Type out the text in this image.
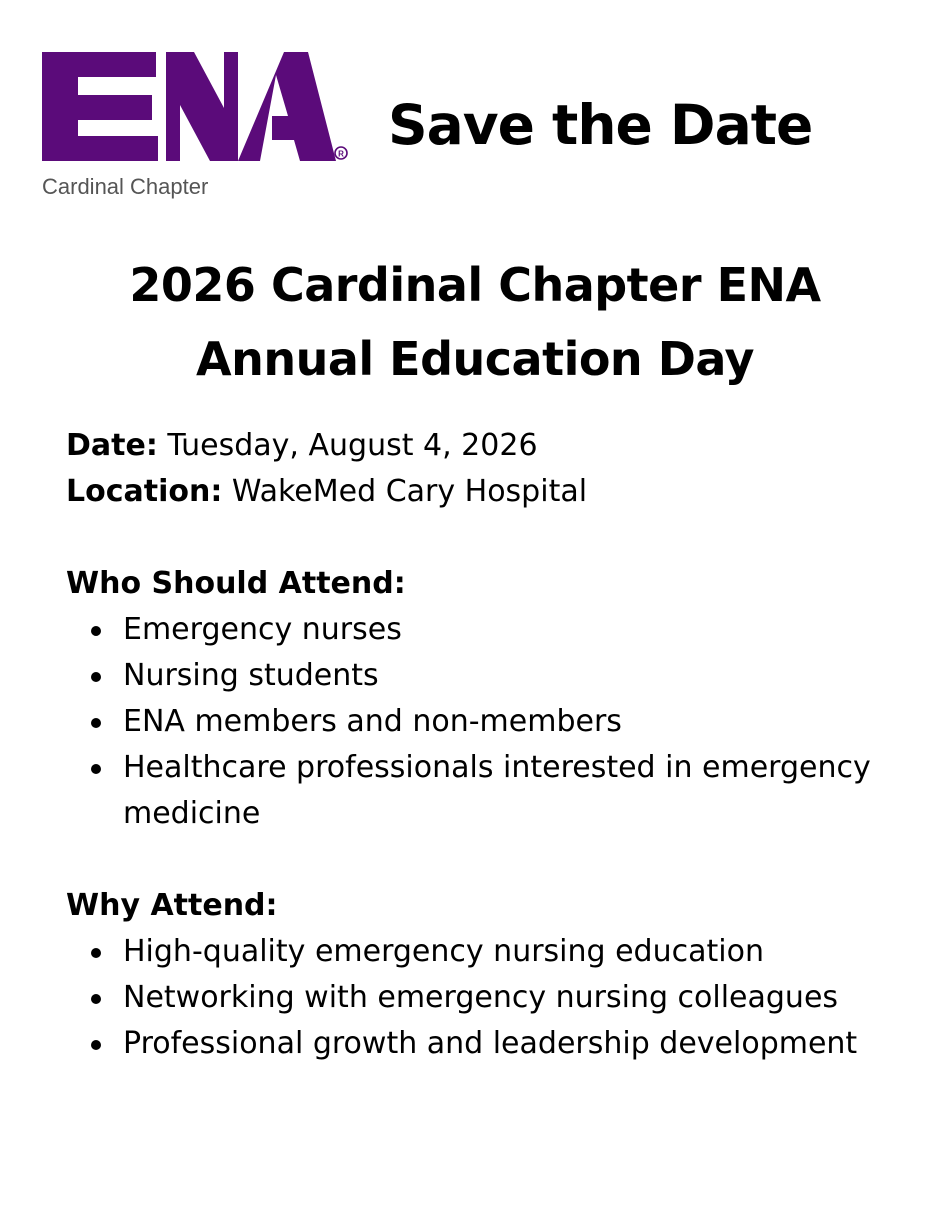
R
Cardinal Chapter
Save the Date
2026 Cardinal Chapter ENA
Annual Education Day
Date: Tuesday, August 4, 2026
Location: WakeMed Cary Hospital
Who Should Attend:
Emergency nurses
Nursing students
ENA members and non-members
Healthcare professionals interested in emergency medicine
Why Attend:
High-quality emergency nursing education
Networking with emergency nursing colleagues
Professional growth and leadership development
